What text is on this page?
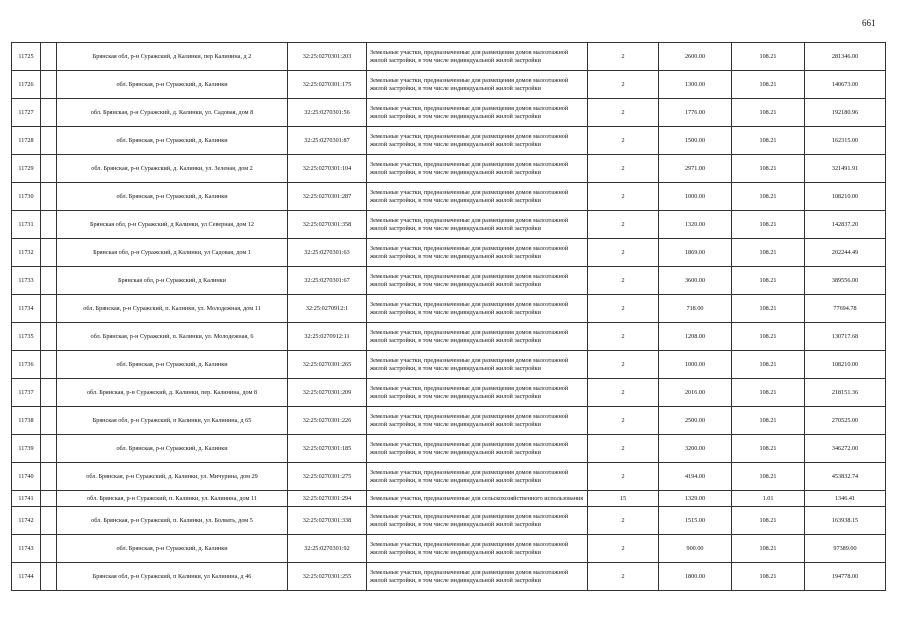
661
11725		Брянская обл, р-н Суражский, д Калинки, пер Калинина, д 2	32:25:0270301:203	Земельные участки, предназначенные для размещения домов малоэтажной жилой застройки, в том числе индивидуальной жилой застройки	2	2600.00	108.21	281346.00
11726		обл. Брянская, р-н Суражский, д. Калинки	32:25:0270301:175	Земельные участки, предназначенные для размещения домов малоэтажной жилой застройки, в том числе индивидуальной жилой застройки	2	1300.00	108.21	140673.00
11727		обл. Брянская, р-н Суражский, д. Калинки, ул. Садовая, дом 8	32:25:0270301:56	Земельные участки, предназначенные для размещения домов малоэтажной жилой застройки, в том числе индивидуальной жилой застройки	2	1776.00	108.21	192180.96
11728		обл. Брянская, р-н Суражский, д. Калинки	32:25:0270301:87	Земельные участки, предназначенные для размещения домов малоэтажной жилой застройки, в том числе индивидуальной жилой застройки	2	1500.00	108.21	162315.00
11729		обл. Брянская, р-н Суражский, д. Калинки, ул. Зеленая, дом 2	32:25:0270301:104	Земельные участки, предназначенные для размещения домов малоэтажной жилой застройки, в том числе индивидуальной жилой застройки	2	2971.00	108.21	321491.91
11730		обл. Брянская, р-н Суражский, д. Калинки	32:25:0270301:287	Земельные участки, предназначенные для размещения домов малоэтажной жилой застройки, в том числе индивидуальной жилой застройки	2	1000.00	108.21	108210.00
11731		Брянская обл, р-н Суражский, д Калинки, ул Северная, дом 12	32:25:0270301:358	Земельные участки, предназначенные для размещения домов малоэтажной жилой застройки, в том числе индивидуальной жилой застройки	2	1320.00	108.21	142837.20
11732		Брянская обл, р-н Суражский, д Калинки, ул Садовая, дом 1	32:25:0270301:63	Земельные участки, предназначенные для размещения домов малоэтажной жилой застройки, в том числе индивидуальной жилой застройки	2	1869.00	108.21	202244.49
11733		Брянская обл, р-н Суражский, д Калинки	32:25:0270301:67	Земельные участки, предназначенные для размещения домов малоэтажной жилой застройки, в том числе индивидуальной жилой застройки	2	3600.00	108.21	389556.00
11734		обл. Брянская, р-н Суражский, п. Калинки, ул. Молодежная, дом 11	32:25:0270912:1	Земельные участки, предназначенные для размещения домов малоэтажной жилой застройки, в том числе индивидуальной жилой застройки	2	718.00	108.21	77694.78
11735		обл. Брянская, р-н Суражский, п. Калинки, ул. Молодежная, 6	32:25:0270912:11	Земельные участки, предназначенные для размещения домов малоэтажной жилой застройки, в том числе индивидуальной жилой застройки	2	1208.00	108.21	130717.68
11736		обл. Брянская, р-н Суражский, д. Калинки	32:25:0270301:265	Земельные участки, предназначенные для размещения домов малоэтажной жилой застройки, в том числе индивидуальной жилой застройки	2	1000.00	108.21	108210.00
11737		обл. Брянская, р-н Суражский, д. Калинки, пер. Калинина, дом 8	32:25:0270301:209	Земельные участки, предназначенные для размещения домов малоэтажной жилой застройки, в том числе индивидуальной жилой застройки	2	2016.00	108.21	218151.36
11738		Брянская обл, р-н Суражский, п Калинки, ул Калинина, д 65	32:25:0270301:226	Земельные участки, предназначенные для размещения домов малоэтажной жилой застройки, в том числе индивидуальной жилой застройки	2	2500.00	108.21	270525.00
11739		обл. Брянская, р-н Суражский, д. Калинки	32:25:0270301:185	Земельные участки, предназначенные для размещения домов малоэтажной жилой застройки, в том числе индивидуальной жилой застройки	2	3200.00	108.21	346272.00
11740		обл. Брянская, р-н Суражский, д. Калинки, ул. Мичурина, дом 29	32:25:0270301:275	Земельные участки, предназначенные для размещения домов малоэтажной жилой застройки, в том числе индивидуальной жилой застройки	2	4194.00	108.21	453832.74
11741		обл. Брянская, р-н Суражский, п. Калинки, ул. Калинина, дом 11	32:25:0270301:294	Земельные участки, предназначенные для сельскохозяйственного использования	15	1329.00	1.01	1346.41
11742		обл. Брянская, р-н Суражский, п. Калинки, ул. Болвать, дом 5	32:25:0270301:338	Земельные участки, предназначенные для размещения домов малоэтажной жилой застройки, в том числе индивидуальной жилой застройки	2	1515.00	108.21	163938.15
11743		обл. Брянская, р-н Суражский, д. Калинки	32:25:0270301:92	Земельные участки, предназначенные для размещения домов малоэтажной жилой застройки, в том числе индивидуальной жилой застройки	2	900.00	108.21	97389.00
11744		Брянская обл, р-н Суражский, п Калинки, ул Калинина, д 46	32:25:0270301:255	Земельные участки, предназначенные для размещения домов малоэтажной жилой застройки, в том числе индивидуальной жилой застройки	2	1800.00	108.21	194778.00
